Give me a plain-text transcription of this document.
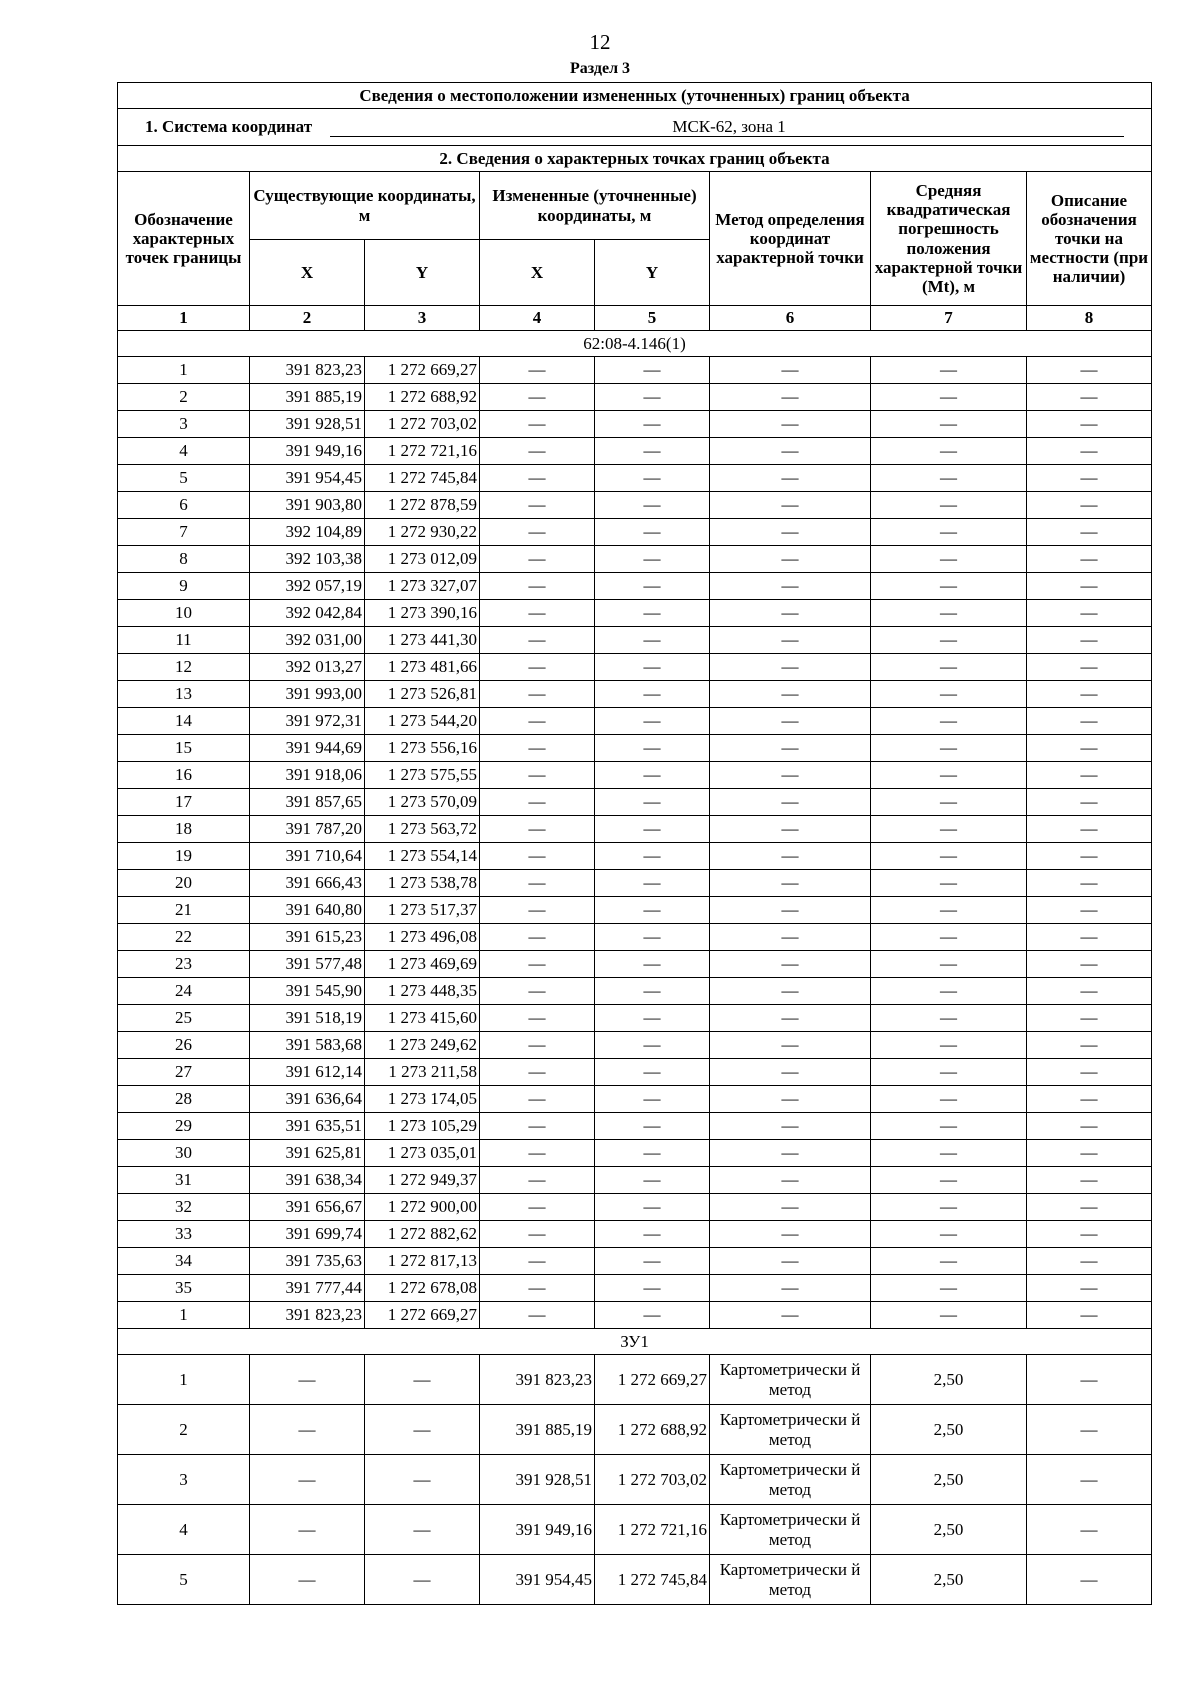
12
Раздел 3
Сведения о местоположении измененных (уточненных) границ объекта							
1. Система координат МСК-62, зона 1							
2. Сведения о характерных точках границ объекта							
Обозначение характерных точек границы	Существующие координаты, м		Измененные (уточненные) координаты, м		Метод определения координат характерной точки	Средняя квадратическая погрешность положения характерной точки (Mt), м	Описание обозначения точки на местности (при наличии)
	X	Y	X	Y			
1	2	3	4	5	6	7	8
62:08-4.146(1)							
1	391 823,23	1 272 669,27	—	—	—	—	—
2	391 885,19	1 272 688,92	—	—	—	—	—
3	391 928,51	1 272 703,02	—	—	—	—	—
4	391 949,16	1 272 721,16	—	—	—	—	—
5	391 954,45	1 272 745,84	—	—	—	—	—
6	391 903,80	1 272 878,59	—	—	—	—	—
7	392 104,89	1 272 930,22	—	—	—	—	—
8	392 103,38	1 273 012,09	—	—	—	—	—
9	392 057,19	1 273 327,07	—	—	—	—	—
10	392 042,84	1 273 390,16	—	—	—	—	—
11	392 031,00	1 273 441,30	—	—	—	—	—
12	392 013,27	1 273 481,66	—	—	—	—	—
13	391 993,00	1 273 526,81	—	—	—	—	—
14	391 972,31	1 273 544,20	—	—	—	—	—
15	391 944,69	1 273 556,16	—	—	—	—	—
16	391 918,06	1 273 575,55	—	—	—	—	—
17	391 857,65	1 273 570,09	—	—	—	—	—
18	391 787,20	1 273 563,72	—	—	—	—	—
19	391 710,64	1 273 554,14	—	—	—	—	—
20	391 666,43	1 273 538,78	—	—	—	—	—
21	391 640,80	1 273 517,37	—	—	—	—	—
22	391 615,23	1 273 496,08	—	—	—	—	—
23	391 577,48	1 273 469,69	—	—	—	—	—
24	391 545,90	1 273 448,35	—	—	—	—	—
25	391 518,19	1 273 415,60	—	—	—	—	—
26	391 583,68	1 273 249,62	—	—	—	—	—
27	391 612,14	1 273 211,58	—	—	—	—	—
28	391 636,64	1 273 174,05	—	—	—	—	—
29	391 635,51	1 273 105,29	—	—	—	—	—
30	391 625,81	1 273 035,01	—	—	—	—	—
31	391 638,34	1 272 949,37	—	—	—	—	—
32	391 656,67	1 272 900,00	—	—	—	—	—
33	391 699,74	1 272 882,62	—	—	—	—	—
34	391 735,63	1 272 817,13	—	—	—	—	—
35	391 777,44	1 272 678,08	—	—	—	—	—
1	391 823,23	1 272 669,27	—	—	—	—	—
ЗУ1							
1	—	—	391 823,23	1 272 669,27	Картометрически й метод	2,50	—
2	—	—	391 885,19	1 272 688,92	Картометрически й метод	2,50	—
3	—	—	391 928,51	1 272 703,02	Картометрически й метод	2,50	—
4	—	—	391 949,16	1 272 721,16	Картометрически й метод	2,50	—
5	—	—	391 954,45	1 272 745,84	Картометрически й метод	2,50	—
